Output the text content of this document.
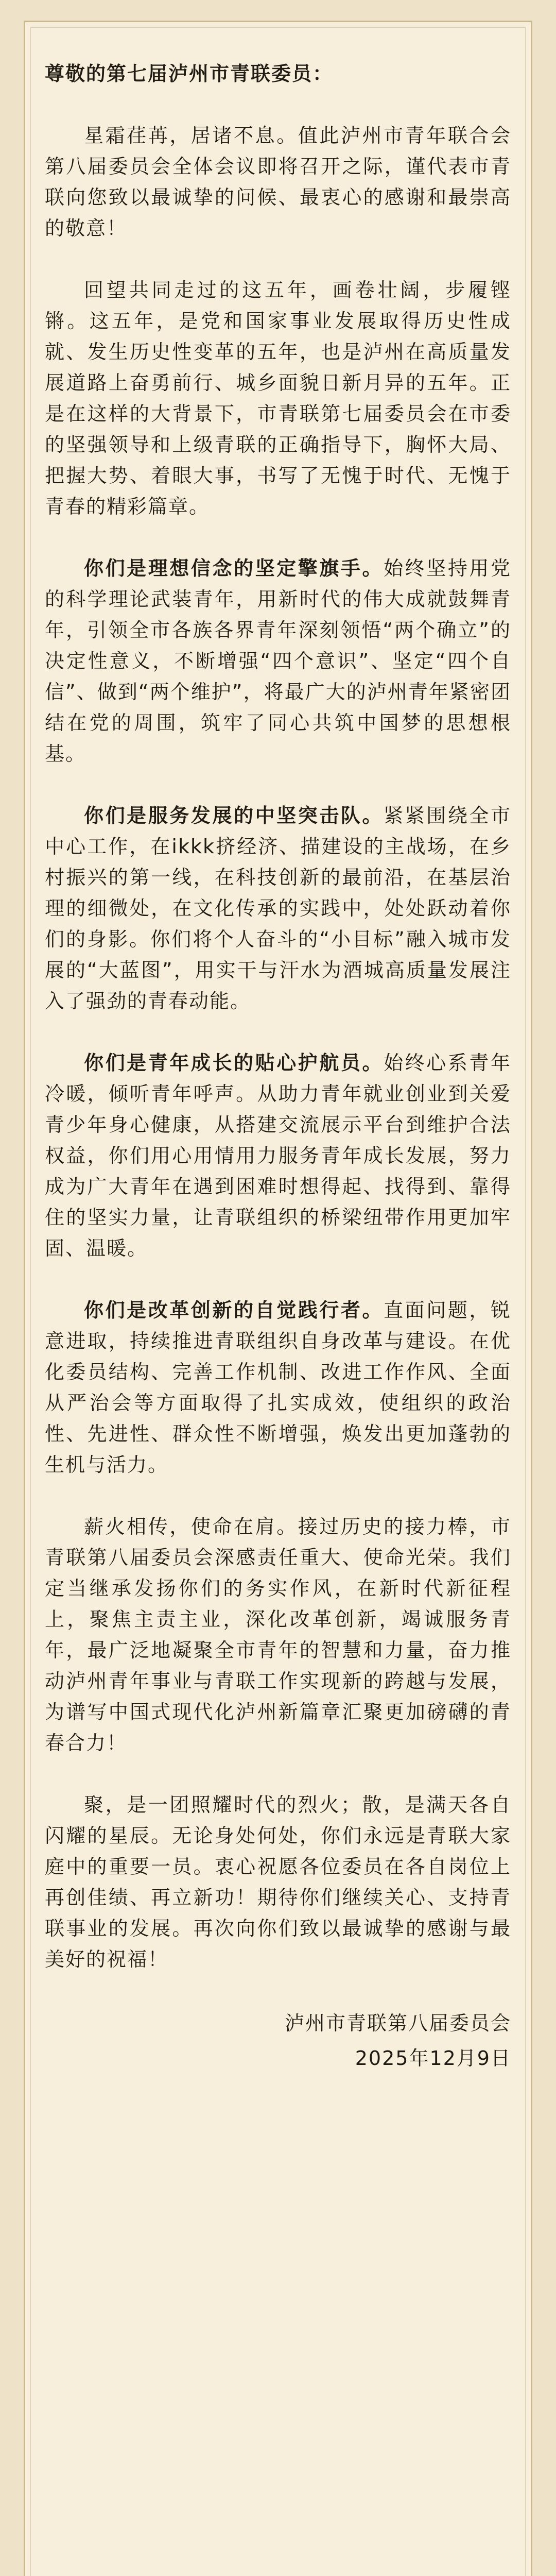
尊敬的第七届泸州市青联委员：

星霜荏苒，居诸不息。值此泸州市青年联合会第八届委员会全体会议即将召开之际，谨代表市青联向您致以最诚挚的问候、最衷心的感谢和最崇高的敬意！

回望共同走过的这五年，画卷壮阔，步履铿锵。这五年，是党和国家事业发展取得历史性成就、发生历史性变革的五年，也是泸州在高质量发展道路上奋勇前行、城乡面貌日新月异的五年。正是在这样的大背景下，市青联第七届委员会在市委的坚强领导和上级青联的正确指导下，胸怀大局、把握大势、着眼大事，书写了无愧于时代、无愧于青春的精彩篇章。

你们是理想信念的坚定擎旗手。始终坚持用党的科学理论武装青年，用新时代的伟大成就鼓舞青年，引领全市各族各界青年深刻领悟“两个确立”的决定性意义，不断增强“四个意识”、坚定“四个自信”、做到“两个维护”，将最广大的泸州青年紧密团结在党的周围，筑牢了同心共筑中国梦的思想根基。

你们是服务发展的中坚突击队。紧紧围绕全市中心工作，在ikkk挤经济、描建设的主战场，在乡村振兴的第一线，在科技创新的最前沿，在基层治理的细微处，在文化传承的实践中，处处跃动着你们的身影。你们将个人奋斗的“小目标”融入城市发展的“大蓝图”，用实干与汗水为酒城高质量发展注入了强劲的青春动能。

你们是青年成长的贴心护航员。始终心系青年冷暖，倾听青年呼声。从助力青年就业创业到关爱青少年身心健康，从搭建交流展示平台到维护合法权益，你们用心用情用力服务青年成长发展，努力成为广大青年在遇到困难时想得起、找得到、靠得住的坚实力量，让青联组织的桥梁纽带作用更加牢固、温暖。

你们是改革创新的自觉践行者。直面问题，锐意进取，持续推进青联组织自身改革与建设。在优化委员结构、完善工作机制、改进工作作风、全面从严治会等方面取得了扎实成效，使组织的政治性、先进性、群众性不断增强，焕发出更加蓬勃的生机与活力。

薪火相传，使命在肩。接过历史的接力棒，市青联第八届委员会深感责任重大、使命光荣。我们定当继承发扬你们的务实作风，在新时代新征程上，聚焦主责主业，深化改革创新，竭诚服务青年，最广泛地凝聚全市青年的智慧和力量，奋力推动泸州青年事业与青联工作实现新的跨越与发展，为谱写中国式现代化泸州新篇章汇聚更加磅礴的青春合力！

聚，是一团照耀时代的烈火；散，是满天各自闪耀的星辰。无论身处何处，你们永远是青联大家庭中的重要一员。衷心祝愿各位委员在各自岗位上再创佳绩、再立新功！期待你们继续关心、支持青联事业的发展。再次向你们致以最诚挚的感谢与最美好的祝福！

泸州市青联第八届委员会
2025年12月9日
